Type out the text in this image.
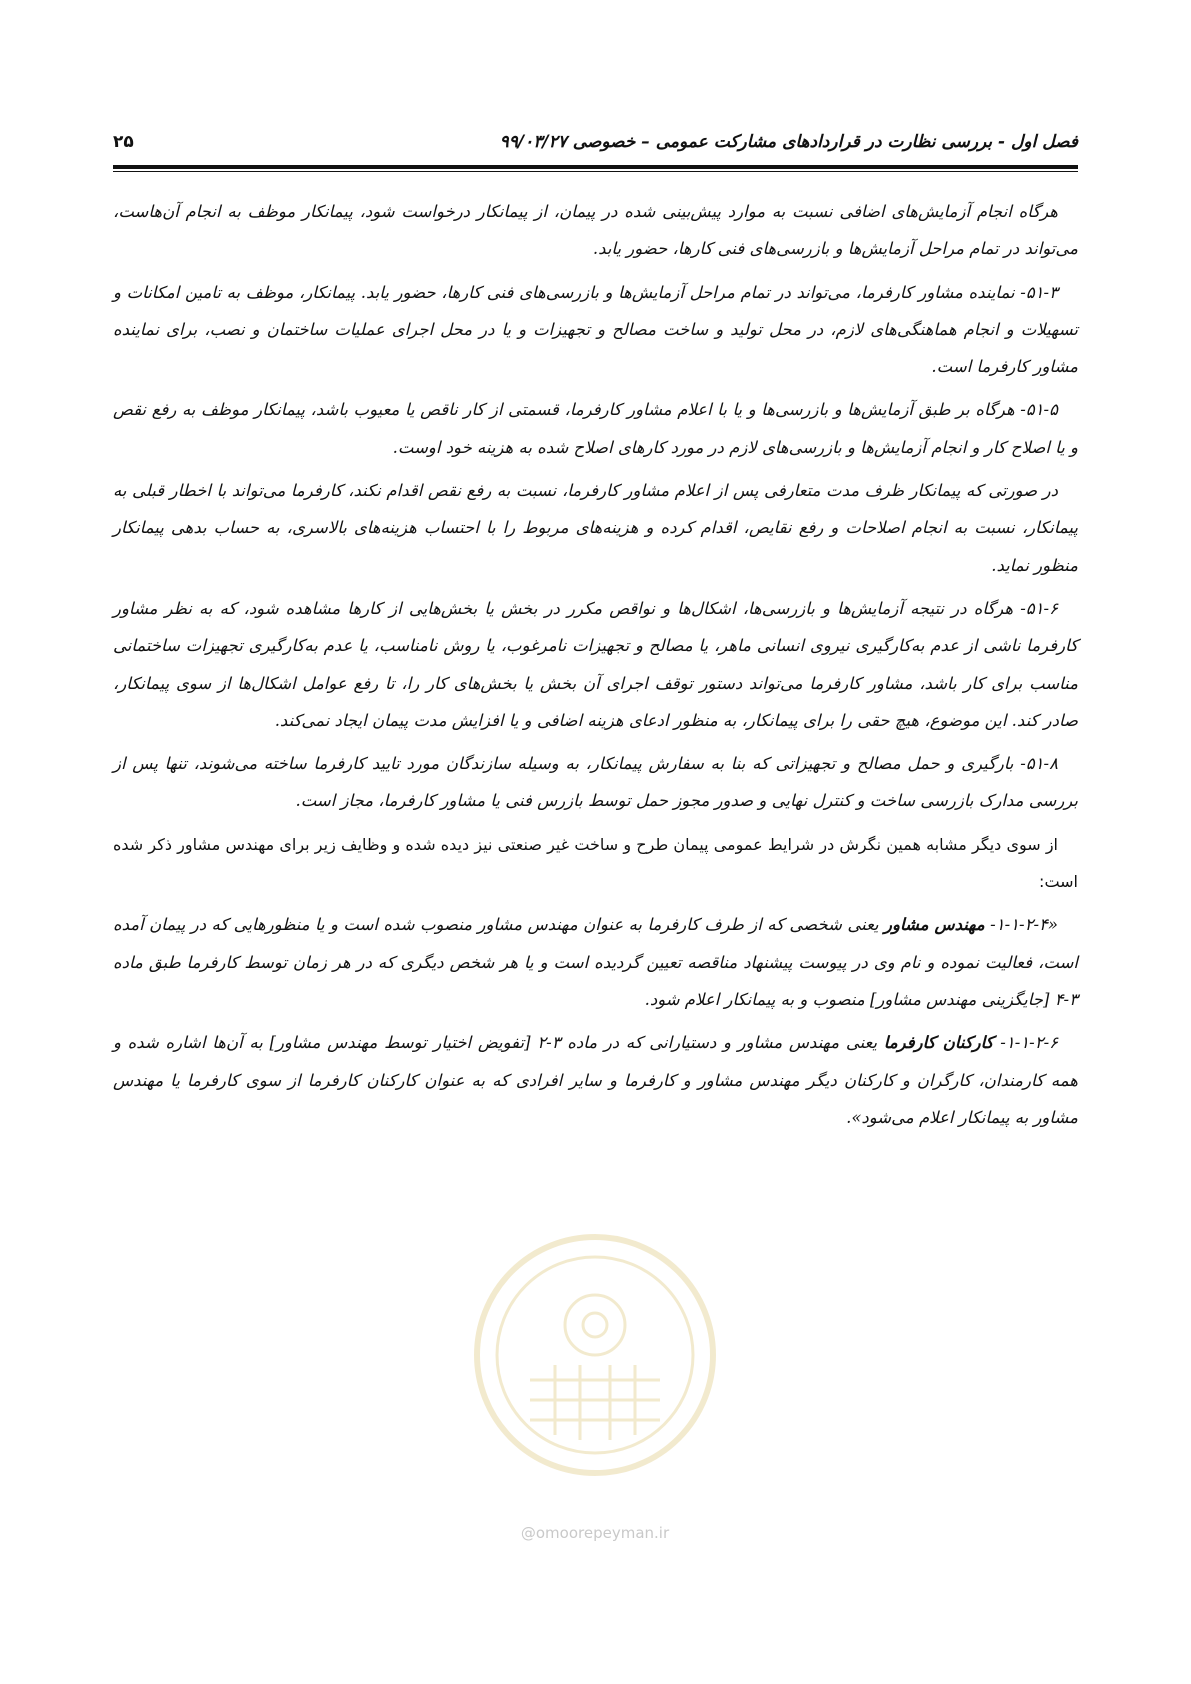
فصل اول - بررسی نظارت در قراردادهای مشارکت عمومی – خصوصی ۹۹/۰۳/۲۷
۲۵

هرگاه انجام آزمایش‌های اضافی نسبت به موارد پیش‌بینی شده در پیمان، از پیمانکار درخواست شود، پیمانکار موظف به انجام آن‌هاست، می‌تواند در تمام مراحل آزمایش‌ها و بازرسی‌های فنی کارها، حضور یابد.

۵۱-۳- نماینده مشاور کارفرما، می‌تواند در تمام مراحل آزمایش‌ها و بازرسی‌های فنی کارها، حضور یابد. پیمانکار، موظف به تامین امکانات و تسهیلات و انجام هماهنگی‌های لازم، در محل تولید و ساخت مصالح و تجهیزات و یا در محل اجرای عملیات ساختمان و نصب، برای نماینده مشاور کارفرما است.

۵۱-۵- هرگاه بر طبق آزمایش‌ها و بازرسی‌ها و یا با اعلام مشاور کارفرما، قسمتی از کار ناقص یا معیوب باشد، پیمانکار موظف به رفع نقص و یا اصلاح کار و انجام آزمایش‌ها و بازرسی‌های لازم در مورد کارهای اصلاح شده به هزینه خود اوست.

در صورتی که پیمانکار ظرف مدت متعارفی پس از اعلام مشاور کارفرما، نسبت به رفع نقص اقدام نکند، کارفرما می‌تواند با اخطار قبلی به پیمانکار، نسبت به انجام اصلاحات و رفع نقایص، اقدام کرده و هزینه‌های مربوط را با احتساب هزینه‌های بالاسری، به حساب بدهی پیمانکار منظور نماید.

۵۱-۶- هرگاه در نتیجه آزمایش‌ها و بازرسی‌ها، اشکال‌ها و نواقص مکرر در بخش یا بخش‌هایی از کارها مشاهده شود، که به نظر مشاور کارفرما ناشی از عدم به‌کارگیری نیروی انسانی ماهر، یا مصالح و تجهیزات نامرغوب، یا روش نامناسب، یا عدم به‌کارگیری تجهیزات ساختمانی مناسب برای کار باشد، مشاور کارفرما می‌تواند دستور توقف اجرای آن بخش یا بخش‌های کار را، تا رفع عوامل اشکال‌ها از سوی پیمانکار، صادر کند. این موضوع، هیچ حقی را برای پیمانکار، به منظور ادعای هزینه اضافی و یا افزایش مدت پیمان ایجاد نمی‌کند.

۵۱-۸- بارگیری و حمل مصالح و تجهیزاتی که بنا به سفارش پیمانکار، به وسیله سازندگان مورد تایید کارفرما ساخته می‌شوند، تنها پس از بررسی مدارک بازرسی ساخت و کنترل نهایی و صدور مجوز حمل توسط بازرس فنی یا مشاور کارفرما، مجاز است.

از سوی دیگر مشابه همین نگرش در شرایط عمومی پیمان طرح و ساخت غیر صنعتی نیز دیده شده و وظایف زیر برای مهندس مشاور ذکر شده است:

«۱-۱-۲-۴- مهندس مشاور یعنی شخصی که از طرف کارفرما به عنوان مهندس مشاور منصوب شده است و یا منظورهایی که در پیمان آمده است، فعالیت نموده و نام وی در پیوست پیشنهاد مناقصه تعیین گردیده است و یا هر شخص دیگری که در هر زمان توسط کارفرما طبق ماده ۳-۴ [جایگزینی مهندس مشاور] منصوب و به پیمانکار اعلام شود.

۱-۱-۲-۶- کارکنان کارفرما یعنی مهندس مشاور و دستیارانی که در ماده ۳-۲ [تفویض اختیار توسط مهندس مشاور] به آن‌ها اشاره شده و همه کارمندان، کارگران و کارکنان دیگر مهندس مشاور و کارفرما و سایر افرادی که به عنوان کارکنان کارفرما از سوی کارفرما یا مهندس مشاور به پیمانکار اعلام می‌شود».

@omoorepeyman.ir
